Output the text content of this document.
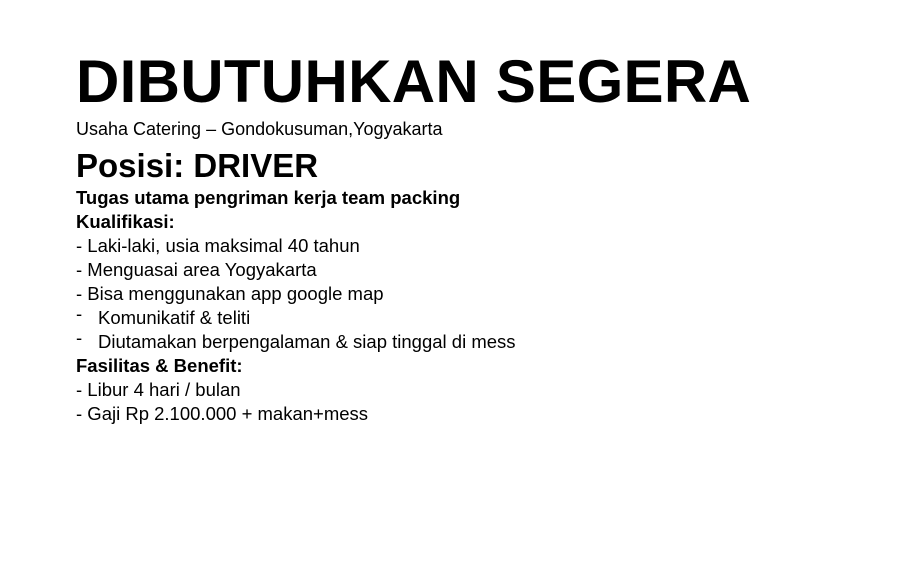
DIBUTUHKAN SEGERA
Usaha Catering – Gondokusuman,Yogyakarta
Posisi: DRIVER
Tugas utama pengriman kerja team packing
Kualifikasi:
- Laki-laki, usia maksimal 40 tahun
- Menguasai area Yogyakarta
- Bisa menggunakan app google map
- Komunikatif & teliti
- Diutamakan berpengalaman & siap tinggal di mess
Fasilitas & Benefit:
- Libur 4 hari / bulan
- Gaji Rp 2.100.000 + makan+mess
